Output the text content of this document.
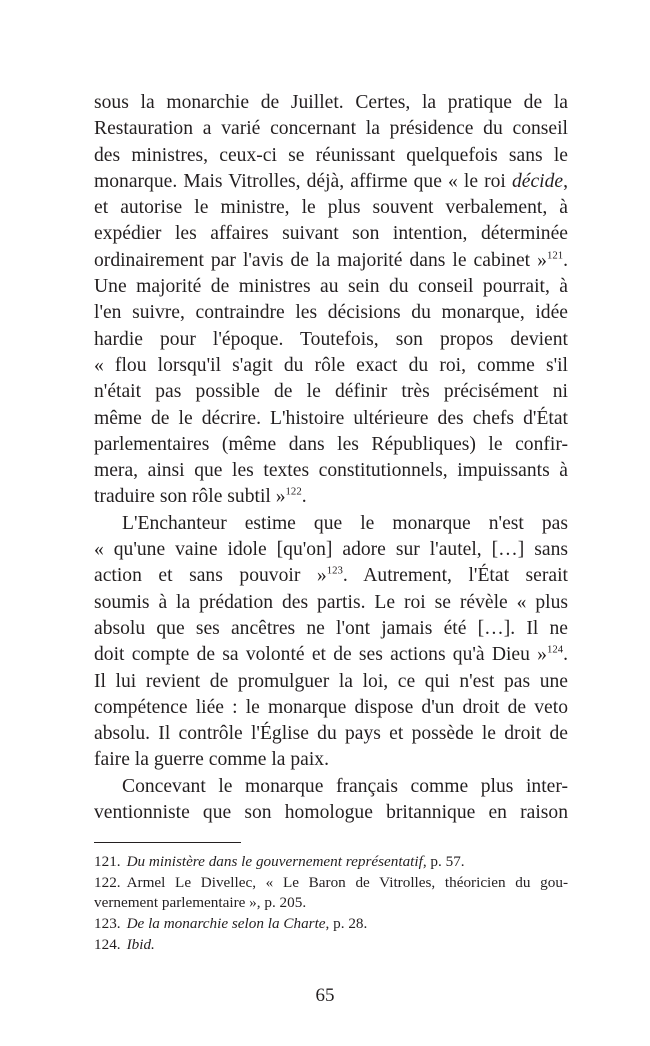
sous la monarchie de Juillet. Certes, la pratique de la
Restauration a varié concernant la présidence du conseil
des ministres, ceux-ci se réunissant quelquefois sans le
monarque. Mais Vitrolles, déjà, affirme que « le roi décide,
et autorise le ministre, le plus souvent verbalement, à
expédier les affaires suivant son intention, déterminée
ordinairement par l'avis de la majorité dans le cabinet »$^{121}$.
Une majorité de ministres au sein du conseil pourrait, à
l'en suivre, contraindre les décisions du monarque, idée
hardie pour l'époque. Toutefois, son propos devient
« flou lorsqu'il s'agit du rôle exact du roi, comme s'il
n'était pas possible de le définir très précisément ni
même de le décrire. L'histoire ultérieure des chefs d'État
parlementaires (même dans les Républiques) le confir-
mera, ainsi que les textes constitutionnels, impuissants à
traduire son rôle subtil »$^{122}$.
L'Enchanteur estime que le monarque n'est pas
« qu'une vaine idole [qu'on] adore sur l'autel, […] sans
action et sans pouvoir »$^{123}$. Autrement, l'État serait
soumis à la prédation des partis. Le roi se révèle « plus
absolu que ses ancêtres ne l'ont jamais été […]. Il ne
doit compte de sa volonté et de ses actions qu'à Dieu »$^{124}$.
Il lui revient de promulguer la loi, ce qui n'est pas une
compétence liée : le monarque dispose d'un droit de veto
absolu. Il contrôle l'Église du pays et possède le droit de
faire la guerre comme la paix.
Concevant le monarque français comme plus inter-
ventionniste que son homologue britannique en raison
121. Du ministère dans le gouvernement représentatif, p. 57.
122. Armel Le Divellec, « Le Baron de Vitrolles, théoricien du gou-
vernement parlementaire », p. 205.
123. De la monarchie selon la Charte, p. 28.
124. Ibid.
65
